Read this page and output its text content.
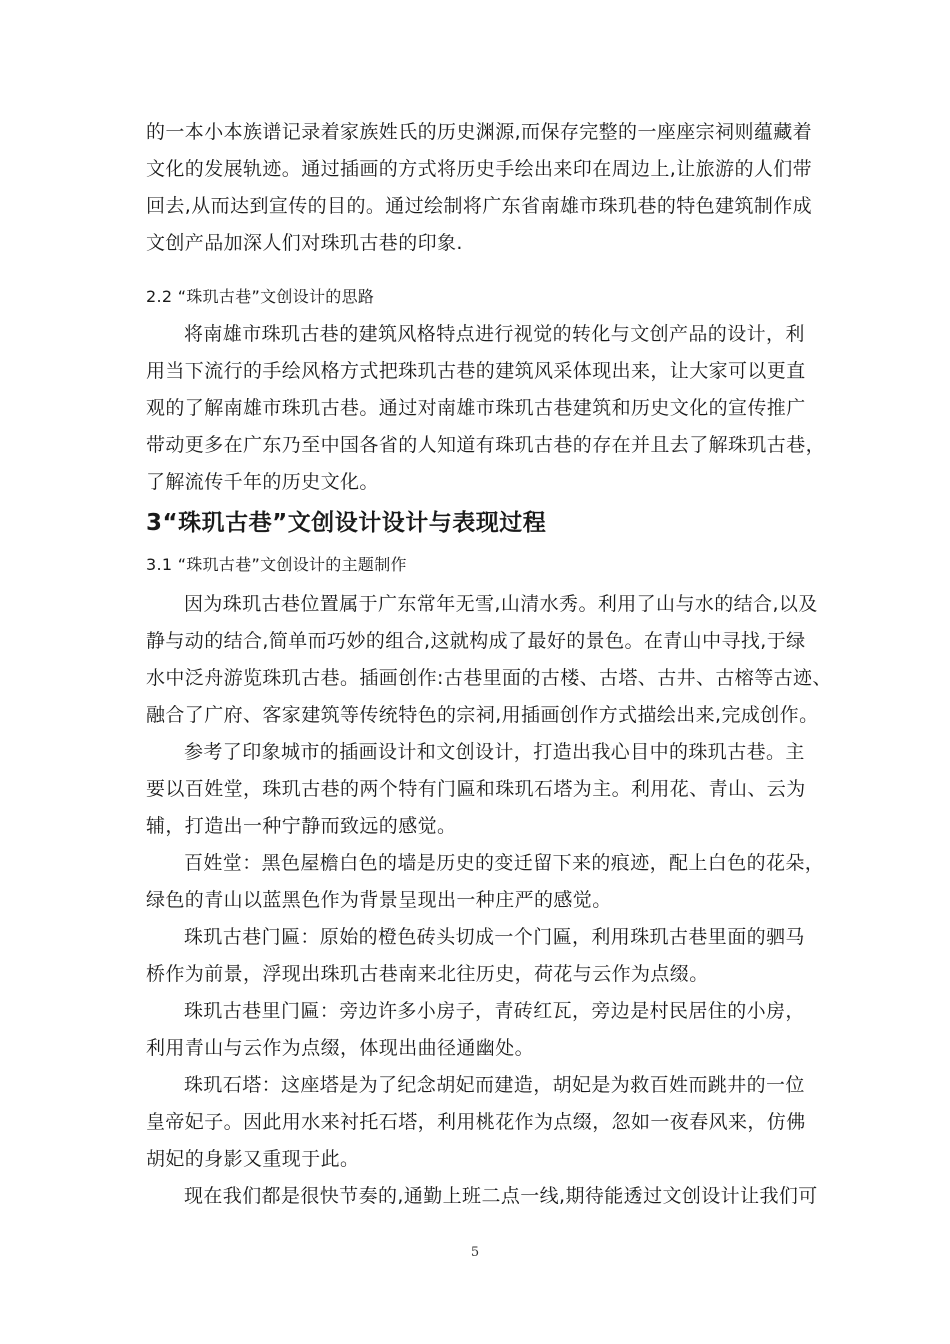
的一本小本族谱记录着家族姓氏的历史渊源,而保存完整的一座座宗祠则蕴藏着

文化的发展轨迹。通过插画的方式将历史手绘出来印在周边上,让旅游的人们带

回去,从而达到宣传的目的。通过绘制将广东省南雄市珠玑巷的特色建筑制作成

文创产品加深人们对珠玑古巷的印象.

2.2 “珠玑古巷”文创设计的思路

将南雄市珠玑古巷的建筑风格特点进行视觉的转化与文创产品的设计，利

用当下流行的手绘风格方式把珠玑古巷的建筑风采体现出来，让大家可以更直

观的了解南雄市珠玑古巷。通过对南雄市珠玑古巷建筑和历史文化的宣传推广

带动更多在广东乃至中国各省的人知道有珠玑古巷的存在并且去了解珠玑古巷，

了解流传千年的历史文化。

3“珠玑古巷”文创设计设计与表现过程

3.1 “珠玑古巷”文创设计的主题制作

因为珠玑古巷位置属于广东常年无雪,山清水秀。利用了山与水的结合,以及

静与动的结合,简单而巧妙的组合,这就构成了最好的景色。在青山中寻找,于绿

水中泛舟游览珠玑古巷。插画创作:古巷里面的古楼、古塔、古井、古榕等古迹、

融合了广府、客家建筑等传统特色的宗祠,用插画创作方式描绘出来,完成创作。

参考了印象城市的插画设计和文创设计，打造出我心目中的珠玑古巷。主

要以百姓堂，珠玑古巷的两个特有门匾和珠玑石塔为主。利用花、青山、云为

辅，打造出一种宁静而致远的感觉。

百姓堂：黑色屋檐白色的墙是历史的变迁留下来的痕迹，配上白色的花朵，

绿色的青山以蓝黑色作为背景呈现出一种庄严的感觉。

珠玑古巷门匾：原始的橙色砖头切成一个门匾，利用珠玑古巷里面的驷马

桥作为前景，浮现出珠玑古巷南来北往历史，荷花与云作为点缀。

珠玑古巷里门匾：旁边许多小房子，青砖红瓦，旁边是村民居住的小房，

利用青山与云作为点缀，体现出曲径通幽处。

珠玑石塔：这座塔是为了纪念胡妃而建造，胡妃是为救百姓而跳井的一位

皇帝妃子。因此用水来衬托石塔，利用桃花作为点缀，忽如一夜春风来，仿佛

胡妃的身影又重现于此。

现在我们都是很快节奏的,通勤上班二点一线,期待能透过文创设计让我们可

5
